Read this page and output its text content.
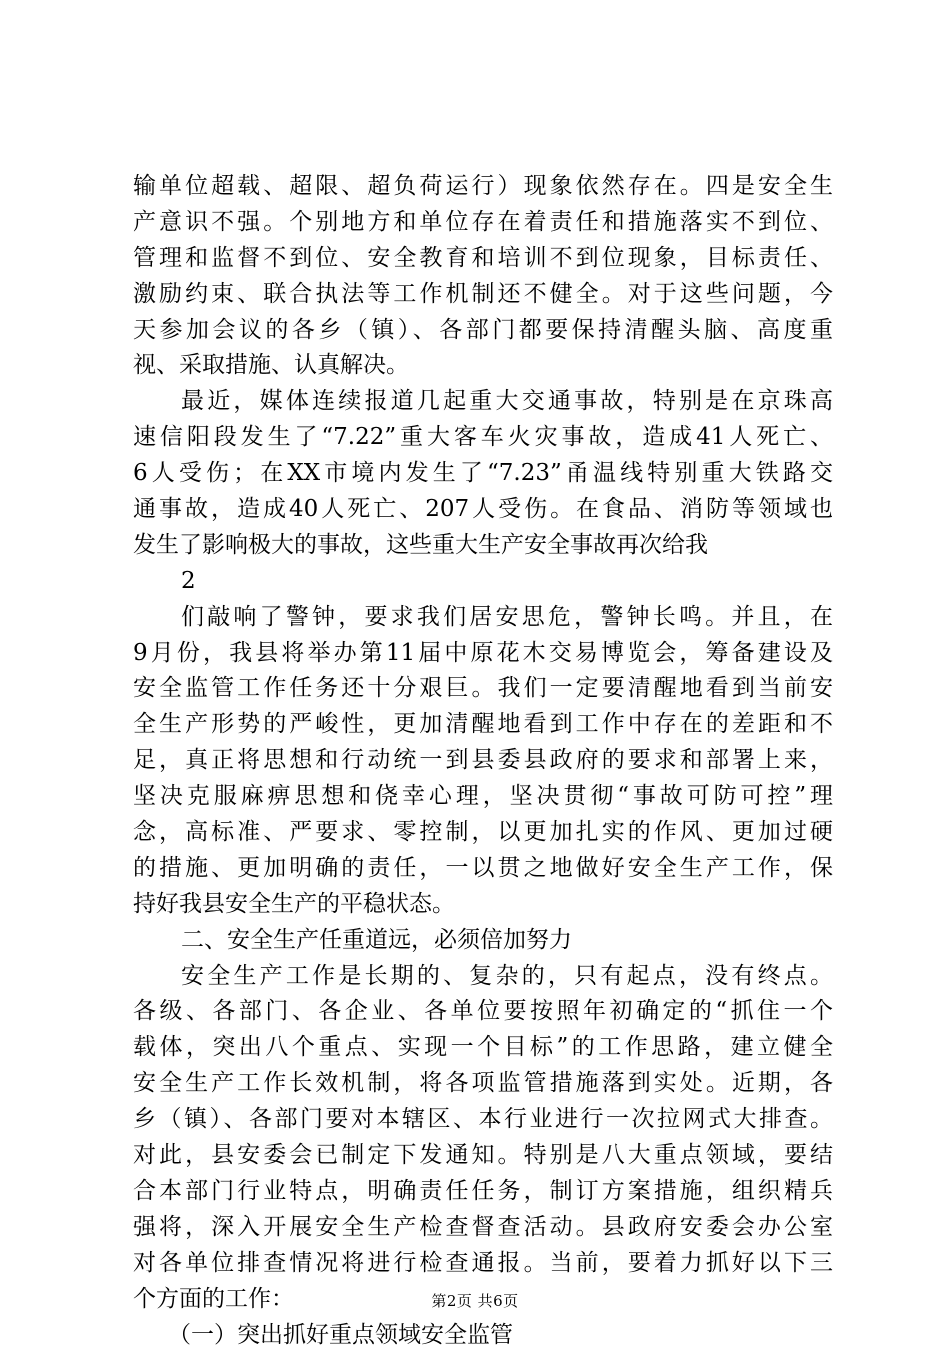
输单位超载、超限、超负荷运行）现象依然存在。四是安全生
产意识不强。个别地方和单位存在着责任和措施落实不到位、
管理和监督不到位、安全教育和培训不到位现象，目标责任、
激励约束、联合执法等工作机制还不健全。对于这些问题，今
天参加会议的各乡（镇）、各部门都要保持清醒头脑、高度重
视、采取措施、认真解决。
最近，媒体连续报道几起重大交通事故，特别是在京珠高
速信阳段发生了“7.22”重大客车火灾事故，造成41人死亡、
6人受伤；在XX市境内发生了“7.23”甬温线特别重大铁路交
通事故，造成40人死亡、207人受伤。在食品、消防等领域也
发生了影响极大的事故，这些重大生产安全事故再次给我
2
们敲响了警钟，要求我们居安思危，警钟长鸣。并且，在
9月份，我县将举办第11届中原花木交易博览会，筹备建设及
安全监管工作任务还十分艰巨。我们一定要清醒地看到当前安
全生产形势的严峻性，更加清醒地看到工作中存在的差距和不
足，真正将思想和行动统一到县委县政府的要求和部署上来，
坚决克服麻痹思想和侥幸心理，坚决贯彻“事故可防可控”理
念，高标准、严要求、零控制，以更加扎实的作风、更加过硬
的措施、更加明确的责任，一以贯之地做好安全生产工作，保
持好我县安全生产的平稳状态。
二、安全生产任重道远，必须倍加努力
安全生产工作是长期的、复杂的，只有起点，没有终点。
各级、各部门、各企业、各单位要按照年初确定的“抓住一个
载体，突出八个重点、实现一个目标”的工作思路，建立健全
安全生产工作长效机制，将各项监管措施落到实处。近期，各
乡（镇）、各部门要对本辖区、本行业进行一次拉网式大排查。
对此，县安委会已制定下发通知。特别是八大重点领域，要结
合本部门行业特点，明确责任任务，制订方案措施，组织精兵
强将，深入开展安全生产检查督查活动。县政府安委会办公室
对各单位排查情况将进行检查通报。当前，要着力抓好以下三
个方面的工作：
（一）突出抓好重点领域安全监管
第2页 共6页
